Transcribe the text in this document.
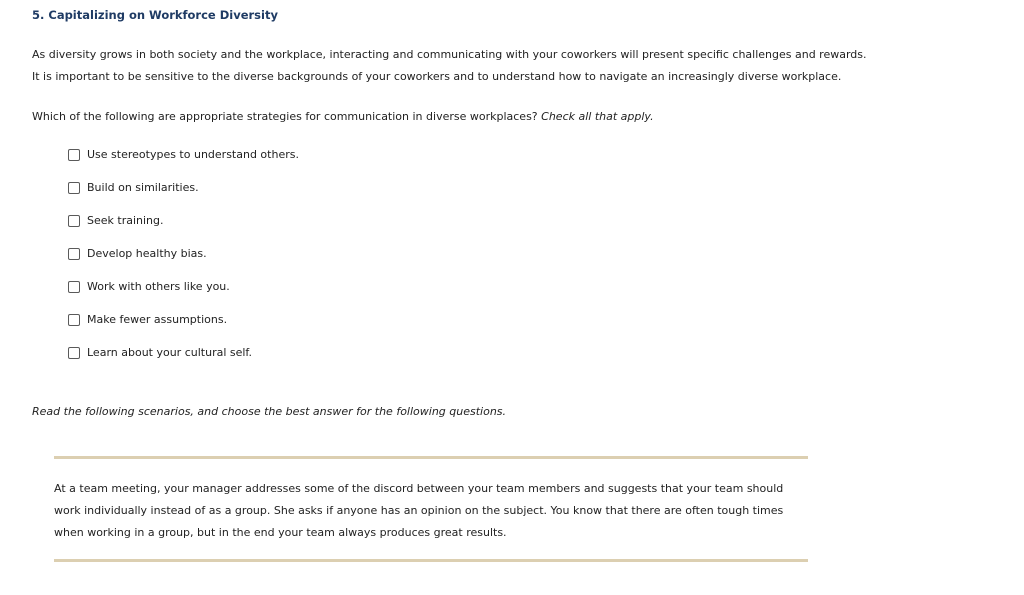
5. Capitalizing on Workforce Diversity

As diversity grows in both society and the workplace, interacting and communicating with your coworkers will present specific challenges and rewards.

It is important to be sensitive to the diverse backgrounds of your coworkers and to understand how to navigate an increasingly diverse workplace.

Which of the following are appropriate strategies for communication in diverse workplaces? Check all that apply.
Use stereotypes to understand others.
Build on similarities.
Seek training.
Develop healthy bias.
Work with others like you.
Make fewer assumptions.
Learn about your cultural self.
Read the following scenarios, and choose the best answer for the following questions.

At a team meeting, your manager addresses some of the discord between your team members and suggests that your team should work individually instead of as a group. She asks if anyone has an opinion on the subject. You know that there are often tough times when working in a group, but in the end your team always produces great results.
